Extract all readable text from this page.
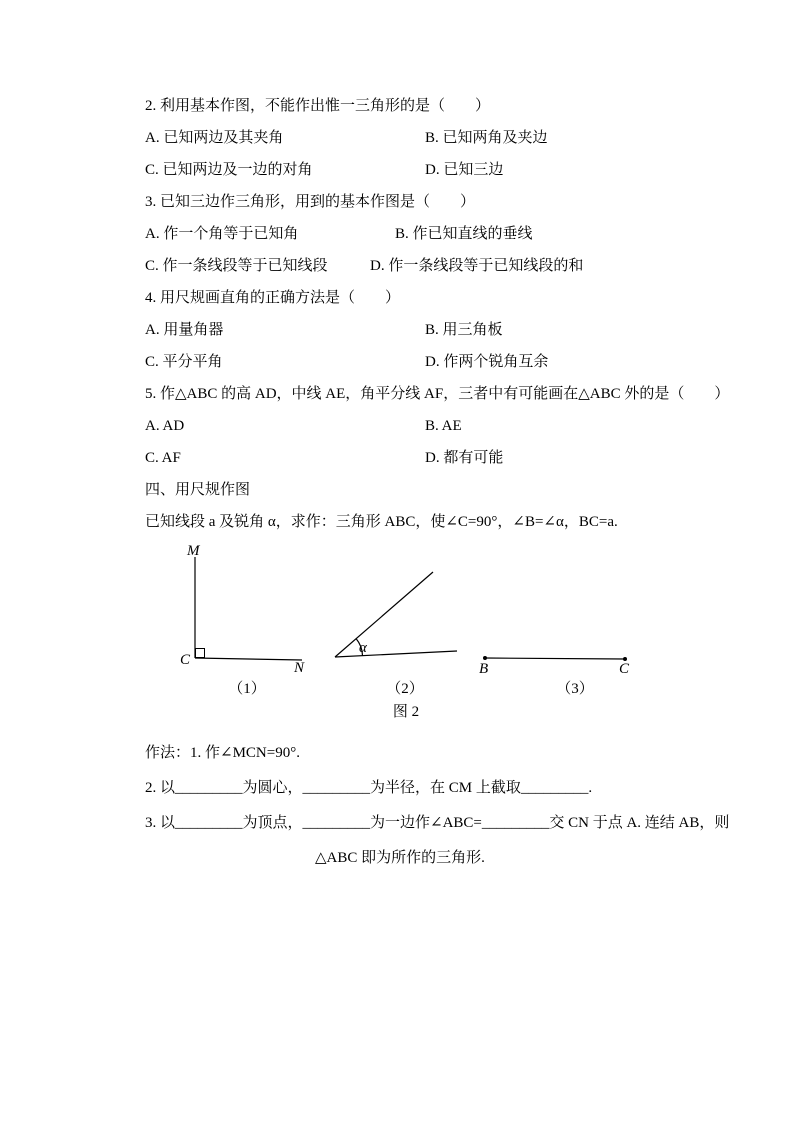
2. 利用基本作图，不能作出惟一三角形的是（　　）

A. 已知两边及其夹角	B. 已知两角及夹边
C. 已知两边及一边的对角	D. 已知三边

3. 已知三边作三角形，用到的基本作图是（　　）

A. 作一个角等于已知角	B. 作已知直线的垂线
C. 作一条线段等于已知线段	D. 作一条线段等于已知线段的和

4. 用尺规画直角的正确方法是（　　）

A. 用量角器	B. 用三角板
C. 平分平角	D. 作两个锐角互余

5. 作△ABC 的高 AD，中线 AE，角平分线 AF，三者中有可能画在△ABC 外的是（　　）

A. AD	B. AE
C. AF	D. 都有可能

四、用尺规作图

已知线段 a 及锐角 α，求作：三角形 ABC，使∠C=90°，∠B=∠α，BC=a.

M
C	N
α
B	C
（1）	（2）	（3）

图 2

作法：1. 作∠MCN=90°.

2. 以_________为圆心，_________为半径，在 CM 上截取_________.

3. 以_________为顶点，_________为一边作∠ABC=_________交 CN 于点 A. 连结 AB，则

△ABC 即为所作的三角形.
